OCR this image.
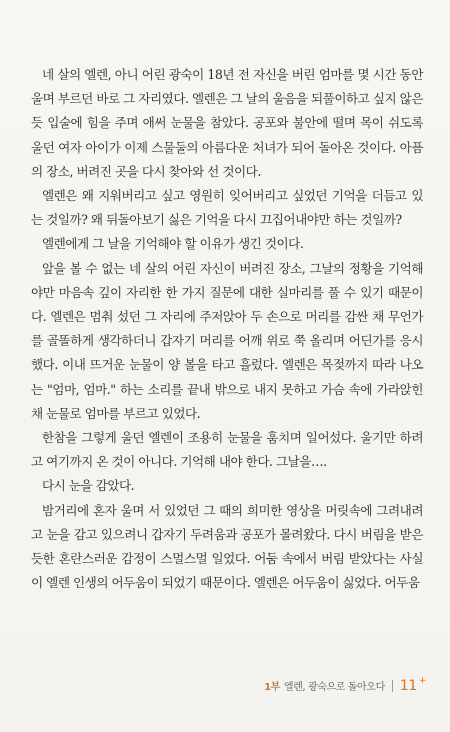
네 살의 엘렌, 아니 어린 광숙이 18년 전 자신을 버린 엄마를 몇 시간 동안 울며 부르던 바로 그 자리였다. 엘렌은 그 날의 울음을 되풀이하고 싶지 않은 듯 입술에 힘을 주며 애써 눈물을 참았다. 공포와 불안에 떨며 목이 쉬도록 울던 여자 아이가 이제 스물둘의 아름다운 처녀가 되어 돌아온 것이다. 아픔의 장소, 버려진 곳을 다시 찾아와 선 것이다.

엘렌은 왜 지워버리고 싶고 영원히 잊어버리고 싶었던 기억을 더듬고 있는 것일까? 왜 뒤돌아보기 싫은 기억을 다시 끄집어내야만 하는 것일까?

엘렌에게 그 날을 기억해야 할 이유가 생긴 것이다.

앞을 볼 수 없는 네 살의 어린 자신이 버려진 장소, 그날의 정황을 기억해야만 마음속 깊이 자리한 한 가지 질문에 대한 실마리를 풀 수 있기 때문이다. 엘렌은 멈춰 섰던 그 자리에 주저앉아 두 손으로 머리를 감싼 채 무언가를 골똘하게 생각하더니 갑자기 머리를 어깨 위로 쭉 올리며 어딘가를 응시했다. 이내 뜨거운 눈물이 양 볼을 타고 흘렀다. 엘렌은 목젖까지 따라 나오는 "엄마, 엄마." 하는 소리를 끝내 밖으로 내지 못하고 가슴 속에 가라앉힌 채 눈물로 엄마를 부르고 있었다.

한참을 그렇게 울던 엘렌이 조용히 눈물을 훔치며 일어섰다. 울기만 하려고 여기까지 온 것이 아니다. 기억해 내야 한다. 그날을….

다시 눈을 감았다.

밤거리에 혼자 울며 서 있었던 그 때의 희미한 영상을 머릿속에 그려내려고 눈을 감고 있으려니 갑자기 두려움과 공포가 몰려왔다. 다시 버림을 받은 듯한 혼란스러운 감정이 스멀스멀 일었다. 어둠 속에서 버림 받았다는 사실이 엘렌 인생의 어두움이 되었기 때문이다. 엘렌은 어두움이 싫었다. 어두움

1부 엘렌, 광숙으로 돌아오다 11 +
